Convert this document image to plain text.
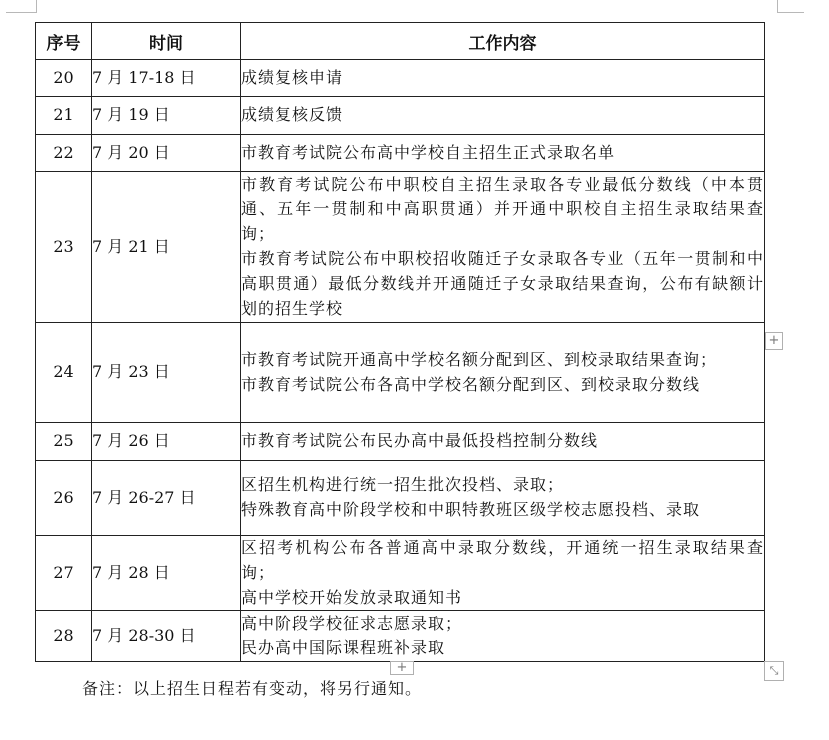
序号	时间	工作内容
20	7 月 17-18 日	成绩复核申请

21	7 月 19 日	成绩复核反馈

22	7 月 20 日	市教育考试院公布高中学校自主招生正式录取名单

23	7 月 21 日	市教育考试院公布中职校自主招生录取各专业最低分数线（中本贯通、五年一贯制和中高职贯通）并开通中职校自主招生录取结果查询；
市教育考试院公布中职校招收随迁子女录取各专业（五年一贯制和中高职贯通）最低分数线并开通随迁子女录取结果查询，公布有缺额计划的招生学校

24	7 月 23 日	市教育考试院开通高中学校名额分配到区、到校录取结果查询；
市教育考试院公布各高中学校名额分配到区、到校录取分数线

25	7 月 26 日	市教育考试院公布民办高中最低投档控制分数线

26	7 月 26-27 日	区招生机构进行统一招生批次投档、录取；
特殊教育高中阶段学校和中职特教班区级学校志愿投档、录取

27	7 月 28 日	区招考机构公布各普通高中录取分数线，开通统一招生录取结果查询；
高中学校开始发放录取通知书

28	7 月 28-30 日	高中阶段学校征求志愿录取；
民办高中国际课程班补录取
+
+	⤡
备注：以上招生日程若有变动，将另行通知。
